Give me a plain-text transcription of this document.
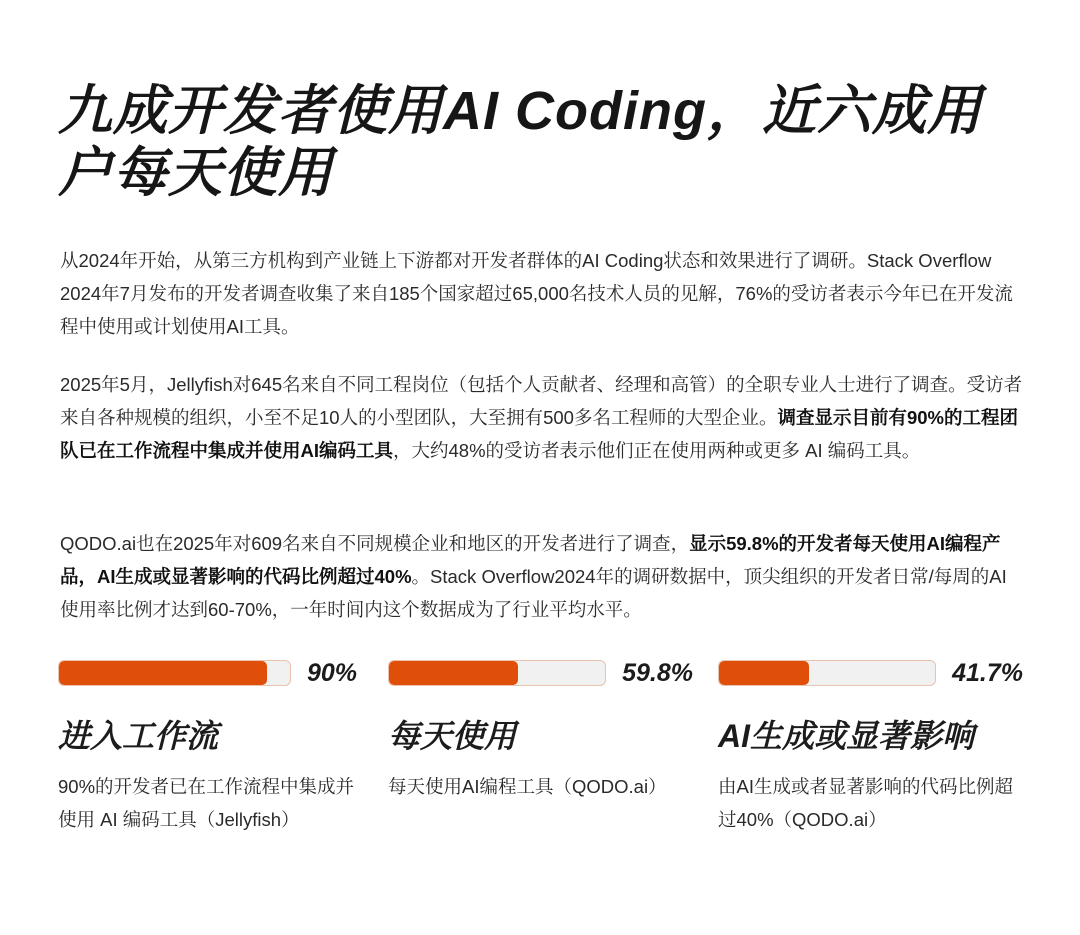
九成开发者使用AI Coding，近六成用户每天使用

从2024年开始，从第三方机构到产业链上下游都对开发者群体的AI Coding状态和效果进行了调研。Stack Overflow 2024年7月发布的开发者调查收集了来自185个国家超过65,000名技术人员的见解，76%的受访者表示今年已在开发流程中使用或计划使用AI工具。

2025年5月，Jellyfish对645名来自不同工程岗位（包括个人贡献者、经理和高管）的全职专业人士进行了调查。受访者来自各种规模的组织，小至不足10人的小型团队，大至拥有500多名工程师的大型企业。调查显示目前有90%的工程团队已在工作流程中集成并使用AI编码工具，大约48%的受访者表示他们正在使用两种或更多 AI 编码工具。

QODO.ai也在2025年对609名来自不同规模企业和地区的开发者进行了调查，显示59.8%的开发者每天使用AI编程产品，AI生成或显著影响的代码比例超过40%。Stack Overflow2024年的调研数据中，顶尖组织的开发者日常/每周的AI使用率比例才达到60-70%，一年时间内这个数据成为了行业平均水平。

90%
进入工作流
90%的开发者已在工作流程中集成并使用 AI 编码工具（Jellyfish）
59.8%
每天使用
每天使用AI编程工具（QODO.ai）
41.7%
AI生成或显著影响
由AI生成或者显著影响的代码比例超过40%（QODO.ai）
